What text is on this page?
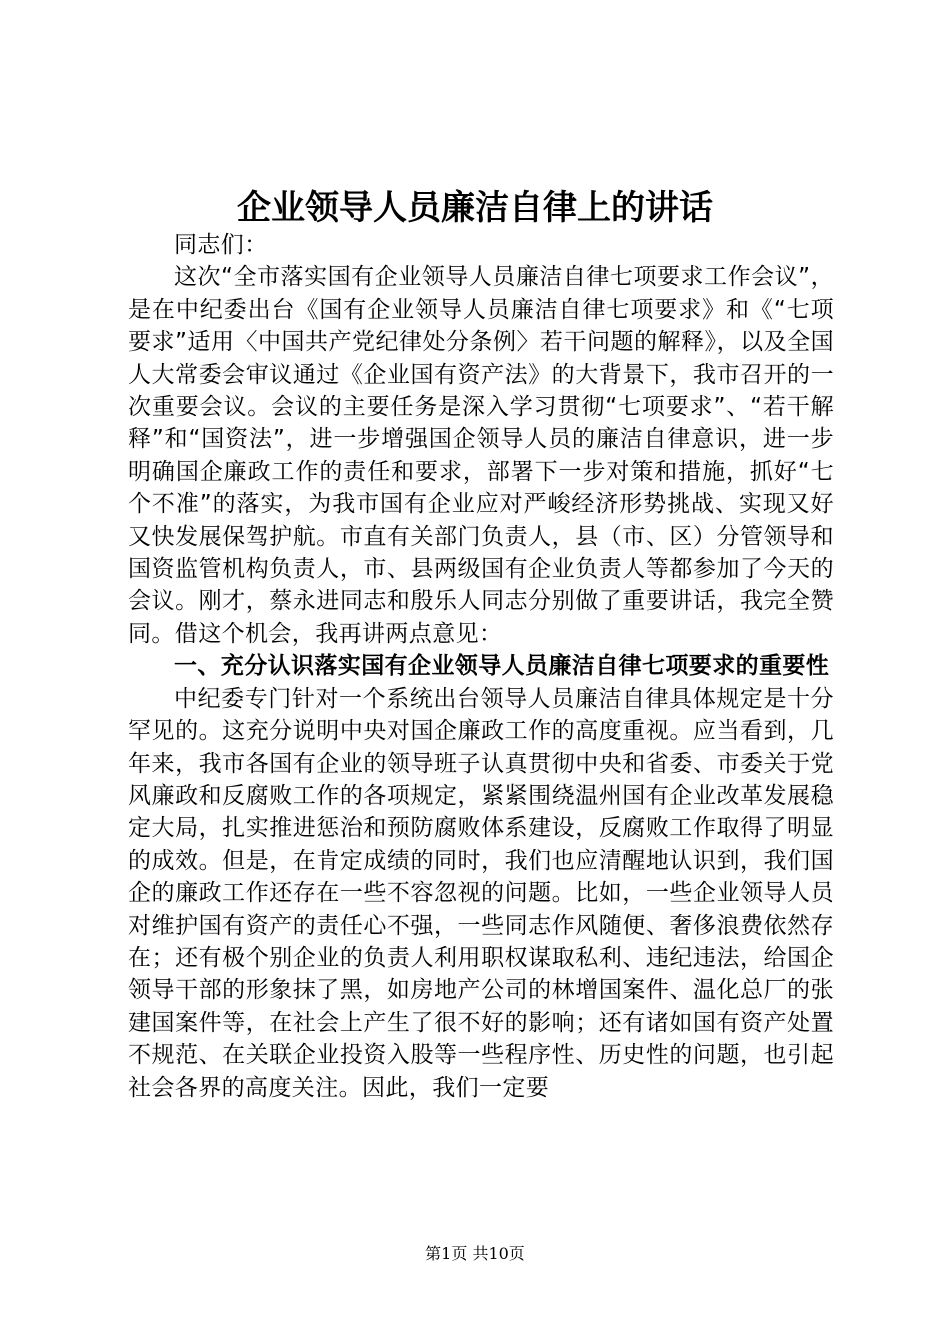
企业领导人员廉洁自律上的讲话

同志们：

这次“全市落实国有企业领导人员廉洁自律七项要求工作会议”，是在中纪委出台《国有企业领导人员廉洁自律七项要求》和《“七项要求”适用〈中国共产党纪律处分条例〉若干问题的解释》，以及全国人大常委会审议通过《企业国有资产法》的大背景下，我市召开的一次重要会议。会议的主要任务是深入学习贯彻“七项要求”、“若干解释”和“国资法”，进一步增强国企领导人员的廉洁自律意识，进一步明确国企廉政工作的责任和要求，部署下一步对策和措施，抓好“七个不准”的落实，为我市国有企业应对严峻经济形势挑战、实现又好又快发展保驾护航。市直有关部门负责人，县（市、区）分管领导和国资监管机构负责人，市、县两级国有企业负责人等都参加了今天的会议。刚才，蔡永进同志和殷乐人同志分别做了重要讲话，我完全赞同。借这个机会，我再讲两点意见：

一、充分认识落实国有企业领导人员廉洁自律七项要求的重要性

中纪委专门针对一个系统出台领导人员廉洁自律具体规定是十分罕见的。这充分说明中央对国企廉政工作的高度重视。应当看到，几年来，我市各国有企业的领导班子认真贯彻中央和省委、市委关于党风廉政和反腐败工作的各项规定，紧紧围绕温州国有企业改革发展稳定大局，扎实推进惩治和预防腐败体系建设，反腐败工作取得了明显的成效。但是，在肯定成绩的同时，我们也应清醒地认识到，我们国企的廉政工作还存在一些不容忽视的问题。比如，一些企业领导人员对维护国有资产的责任心不强，一些同志作风随便、奢侈浪费依然存在；还有极个别企业的负责人利用职权谋取私利、违纪违法，给国企领导干部的形象抹了黑，如房地产公司的林增国案件、温化总厂的张建国案件等，在社会上产生了很不好的影响；还有诸如国有资产处置不规范、在关联企业投资入股等一些程序性、历史性的问题，也引起社会各界的高度关注。因此，我们一定要

第1页 共10页
